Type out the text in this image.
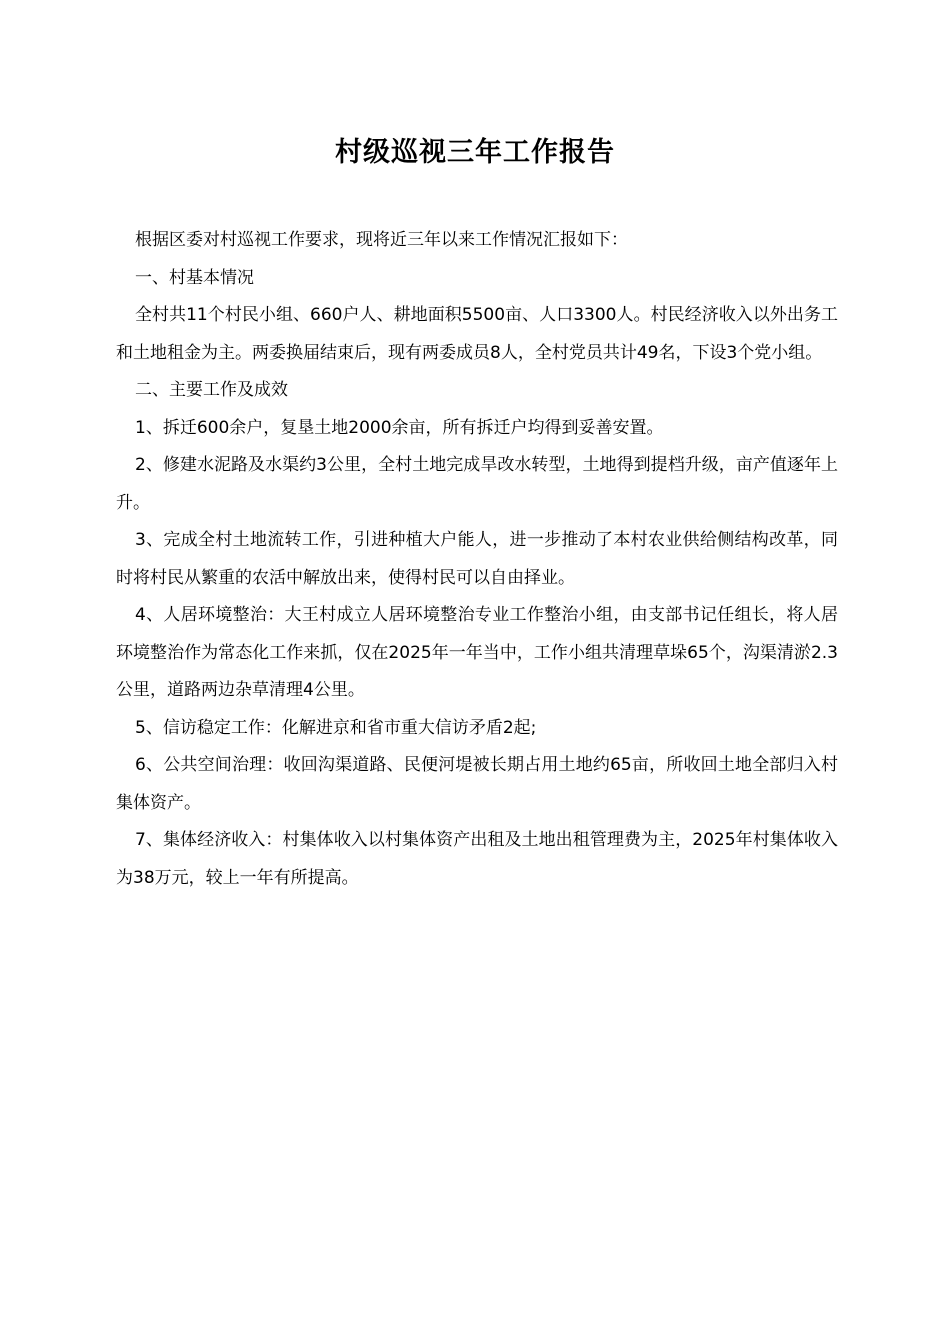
村级巡视三年工作报告

根据区委对村巡视工作要求，现将近三年以来工作情况汇报如下：

一、村基本情况

全村共11个村民小组、660户人、耕地面积5500亩、人口3300人。村民经济收入以外出务工和土地租金为主。两委换届结束后，现有两委成员8人，全村党员共计49名，下设3个党小组。

二、主要工作及成效

1、拆迁600余户，复垦土地2000余亩，所有拆迁户均得到妥善安置。

2、修建水泥路及水渠约3公里，全村土地完成旱改水转型，土地得到提档升级，亩产值逐年上升。

3、完成全村土地流转工作，引进种植大户能人，进一步推动了本村农业供给侧结构改革，同时将村民从繁重的农活中解放出来，使得村民可以自由择业。

4、人居环境整治：大王村成立人居环境整治专业工作整治小组，由支部书记任组长，将人居环境整治作为常态化工作来抓，仅在2025年一年当中，工作小组共清理草垛65个，沟渠清淤2.3公里，道路两边杂草清理4公里。

5、信访稳定工作：化解进京和省市重大信访矛盾2起;

6、公共空间治理：收回沟渠道路、民便河堤被长期占用土地约65亩，所收回土地全部归入村集体资产。

7、集体经济收入：村集体收入以村集体资产出租及土地出租管理费为主，2025年村集体收入为38万元，较上一年有所提高。
